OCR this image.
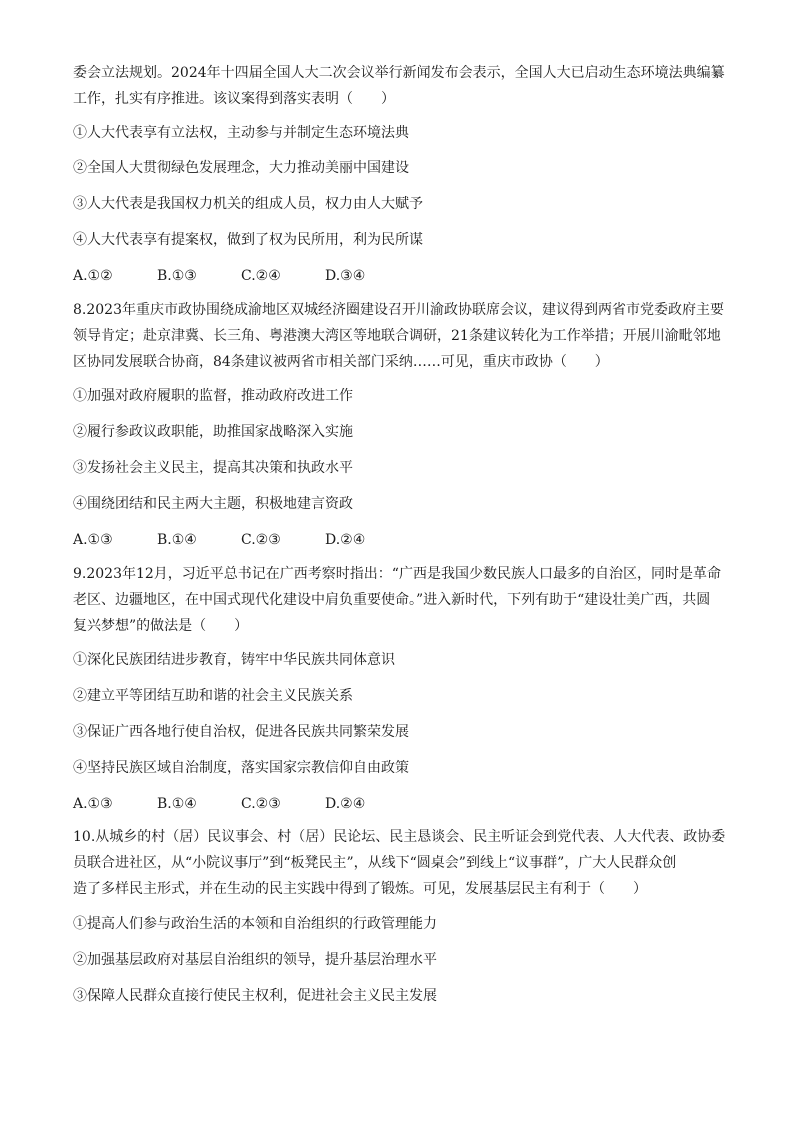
委会立法规划。2024年十四届全国人大二次会议举行新闻发布会表示，全国人大已启动生态环境法典编纂
工作，扎实有序推进。该议案得到落实表明（　　）
①人大代表享有立法权，主动参与并制定生态环境法典
②全国人大贯彻绿色发展理念，大力推动美丽中国建设
③人大代表是我国权力机关的组成人员，权力由人大赋予
④人大代表享有提案权，做到了权为民所用，利为民所谋
A.①②	B.①③	C.②④	D.③④
8.2023年重庆市政协围绕成渝地区双城经济圈建设召开川渝政协联席会议，建议得到两省市党委政府主要
领导肯定；赴京津冀、长三角、粤港澳大湾区等地联合调研，21条建议转化为工作举措；开展川渝毗邻地
区协同发展联合协商，84条建议被两省市相关部门采纳……可见，重庆市政协（　　）
①加强对政府履职的监督，推动政府改进工作
②履行参政议政职能，助推国家战略深入实施
③发扬社会主义民主，提高其决策和执政水平
④围绕团结和民主两大主题，积极地建言资政
A.①③	B.①④	C.②③	D.②④
9.2023年12月，习近平总书记在广西考察时指出：“广西是我国少数民族人口最多的自治区，同时是革命
老区、边疆地区，在中国式现代化建设中肩负重要使命。”进入新时代，下列有助于“建设壮美广西，共圆
复兴梦想”的做法是（　　）
①深化民族团结进步教育，铸牢中华民族共同体意识
②建立平等团结互助和谐的社会主义民族关系
③保证广西各地行使自治权，促进各民族共同繁荣发展
④坚持民族区域自治制度，落实国家宗教信仰自由政策
A.①③	B.①④	C.②③	D.②④
10.从城乡的村（居）民议事会、村（居）民论坛、民主恳谈会、民主听证会到党代表、人大代表、政协委
员联合进社区，从“小院议事厅”到“板凳民主”，从线下“圆桌会”到线上“议事群”，广大人民群众创
造了多样民主形式，并在生动的民主实践中得到了锻炼。可见，发展基层民主有利于（　　）
①提高人们参与政治生活的本领和自治组织的行政管理能力
②加强基层政府对基层自治组织的领导，提升基层治理水平
③保障人民群众直接行使民主权利，促进社会主义民主发展
